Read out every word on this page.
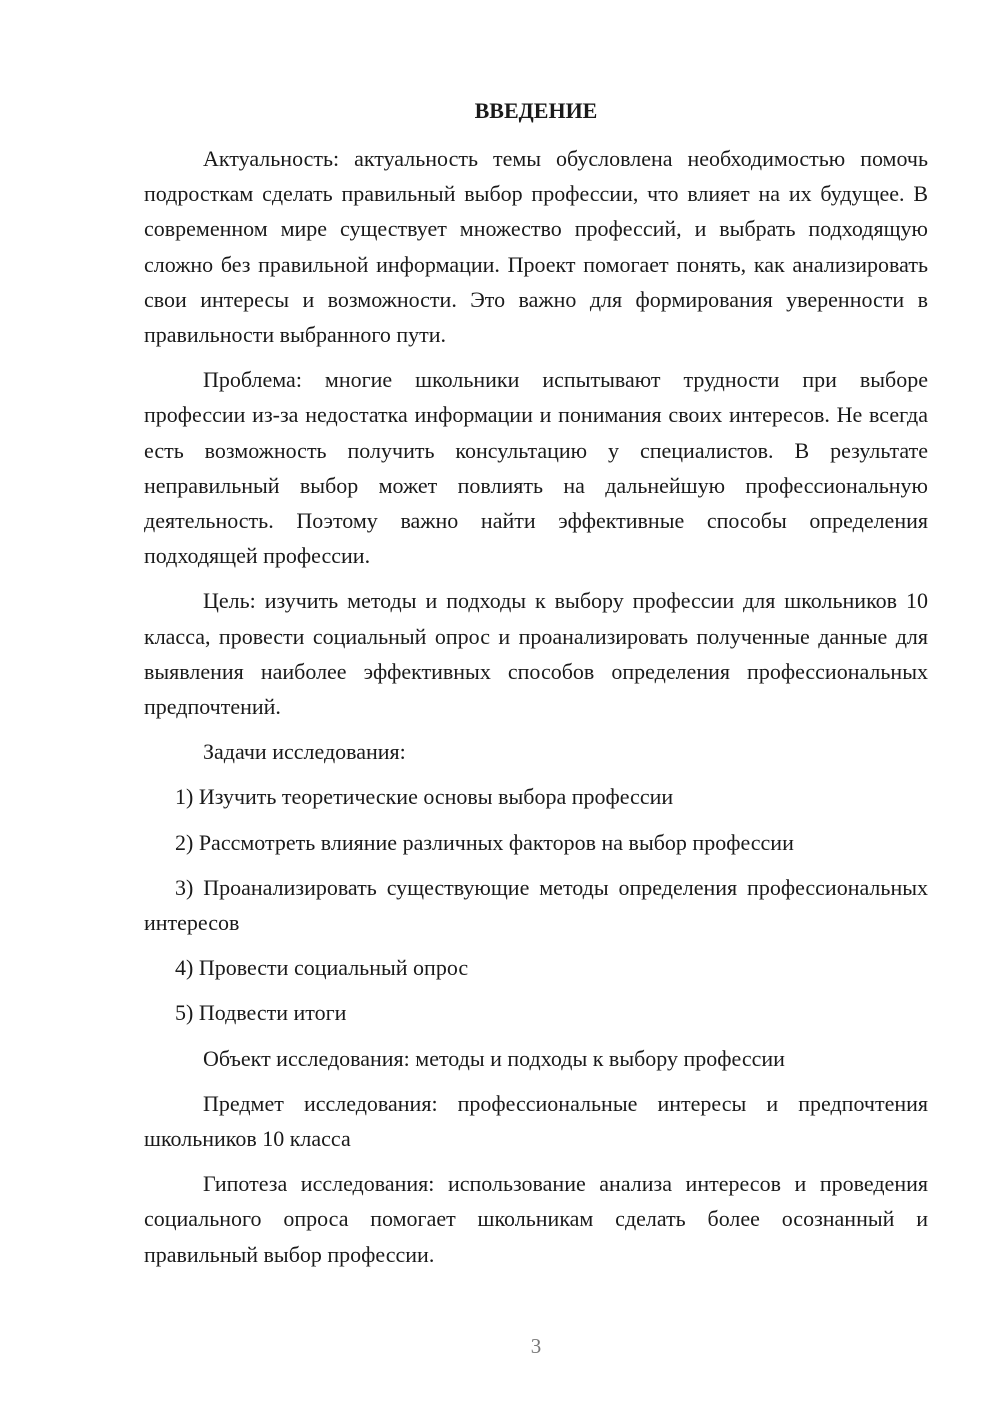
ВВЕДЕНИЕ

Актуальность: актуальность темы обусловлена необходимостью помочь подросткам сделать правильный выбор профессии, что влияет на их будущее. В современном мире существует множество профессий, и выбрать подходящую сложно без правильной информации. Проект помогает понять, как анализировать свои интересы и возможности. Это важно для формирования уверенности в правильности выбранного пути.

Проблема: многие школьники испытывают трудности при выборе профессии из-за недостатка информации и понимания своих интересов. Не всегда есть возможность получить консультацию у специалистов. В результате неправильный выбор может повлиять на дальнейшую профессиональную деятельность. Поэтому важно найти эффективные способы определения подходящей профессии.

Цель: изучить методы и подходы к выбору профессии для школьников 10 класса, провести социальный опрос и проанализировать полученные данные для выявления наиболее эффективных способов определения профессиональных предпочтений.

Задачи исследования:

1) Изучить теоретические основы выбора профессии

2) Рассмотреть влияние различных факторов на выбор профессии

3) Проанализировать существующие методы определения профессиональных интересов

4) Провести социальный опрос

5) Подвести итоги

Объект исследования: методы и подходы к выбору профессии

Предмет исследования: профессиональные интересы и предпочтения школьников 10 класса

Гипотеза исследования: использование анализа интересов и проведения социального опроса помогает школьникам сделать более осознанный и правильный выбор профессии.

3
